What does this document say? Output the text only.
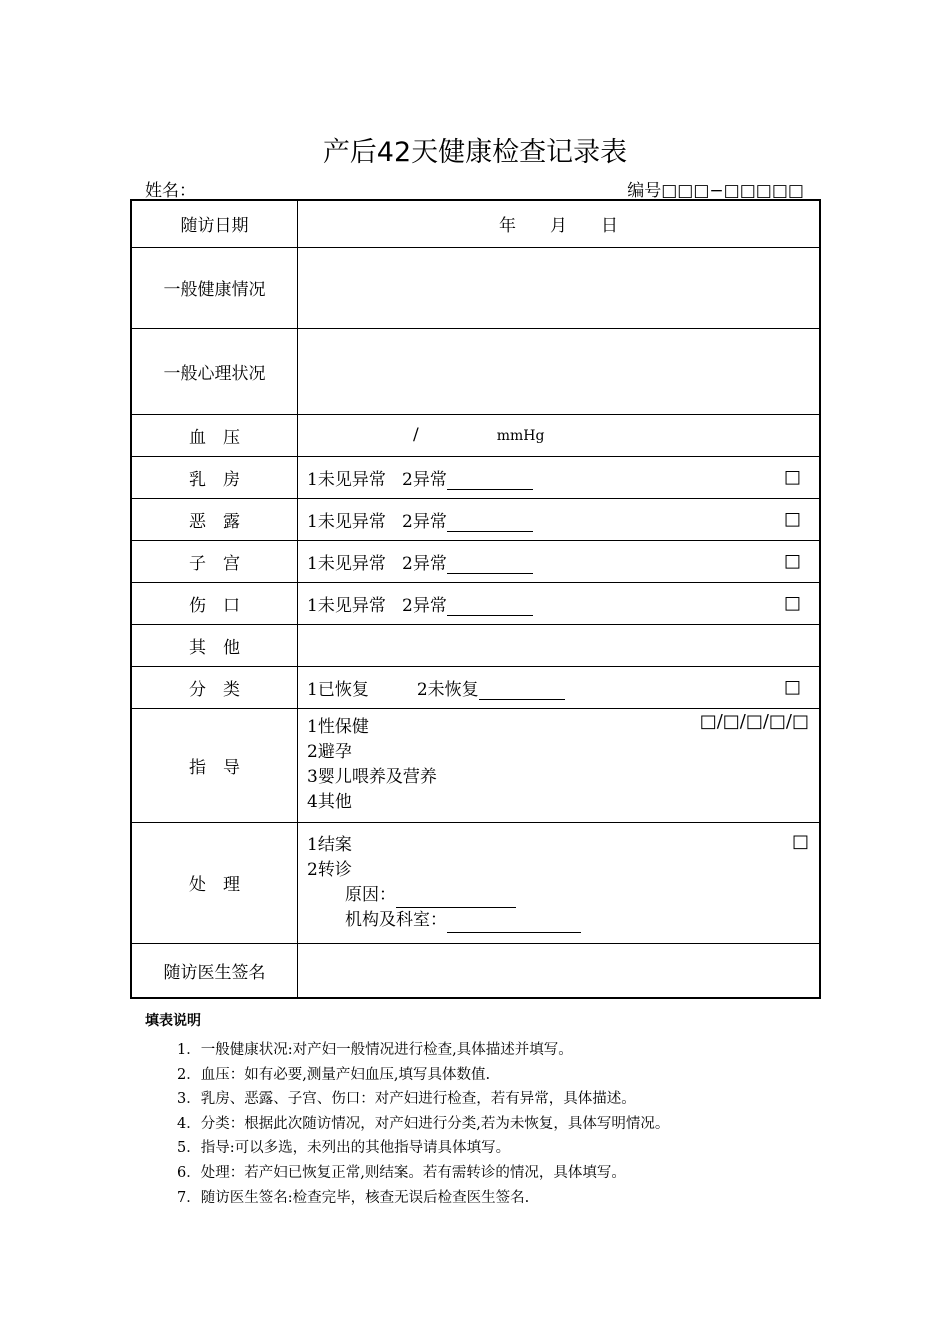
产后42天健康检查记录表
姓名：	编号□□□−□□□□□
随访日期	年　　月　　日
一般健康情况	
一般心理状况	
血　压	/ mmHg
乳　房	1未见异常 2异常 □

恶　露	1未见异常 2异常 □

子　宫	1未见异常 2异常 □

伤　口	1未见异常 2异常 □

其　他	
分　类	1已恢复 2未恢复 □

指　导	1性保健
2避孕
3婴儿喂养及营养
4其他
□/□/□/□/□

处　理	1结案
2转诊
原因：
机构及科室：
□

随访医生签名	
填表说明
1．一般健康状况:对产妇一般情况进行检查,具体描述并填写。
2．血压：如有必要,测量产妇血压,填写具体数值.
3．乳房、恶露、子宫、伤口：对产妇进行检查，若有异常，具体描述。
4．分类：根据此次随访情况，对产妇进行分类,若为未恢复，具体写明情况。
5．指导:可以多选，未列出的其他指导请具体填写。
6．处理：若产妇已恢复正常,则结案。若有需转诊的情况，具体填写。
7．随访医生签名:检查完毕，核查无误后检查医生签名.
